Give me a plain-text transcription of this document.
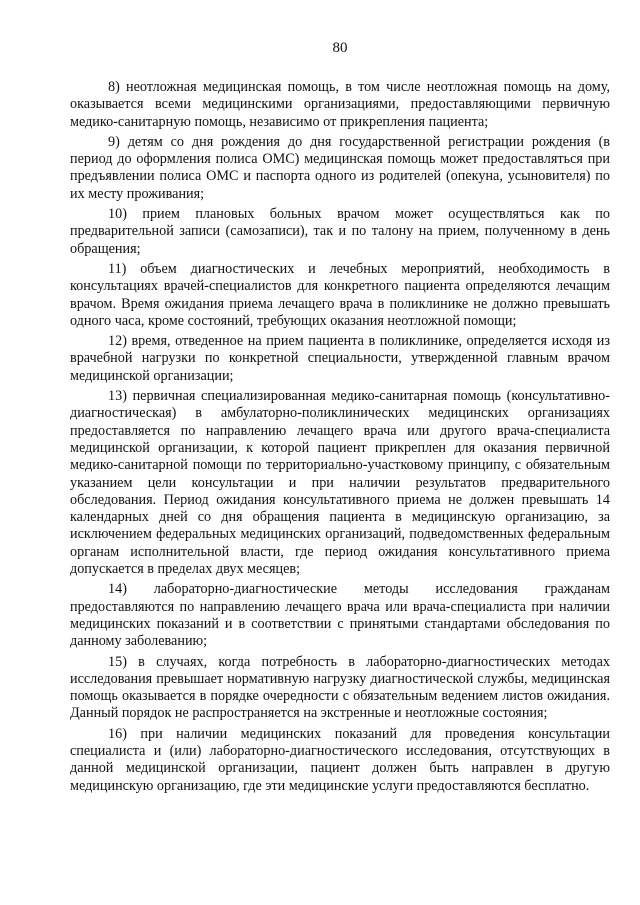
80

8) неотложная медицинская помощь, в том числе неотложная помощь на дому, оказывается всеми медицинскими организациями, предоставляющими первичную медико-санитарную помощь, независимо от прикрепления пациента;

9) детям со дня рождения до дня государственной регистрации рождения (в период до оформления полиса ОМС) медицинская помощь может предоставляться при предъявлении полиса ОМС и паспорта одного из родителей (опекуна, усыновителя) по их месту проживания;

10) прием плановых больных врачом может осуществляться как по предварительной записи (самозаписи), так и по талону на прием, полученному в день обращения;

11) объем диагностических и лечебных мероприятий, необходимость в консультациях врачей-специалистов для конкретного пациента определяются лечащим врачом. Время ожидания приема лечащего врача в поликлинике не должно превышать одного часа, кроме состояний, требующих оказания неотложной помощи;

12) время, отведенное на прием пациента в поликлинике, определяется исходя из врачебной нагрузки по конкретной специальности, утвержденной главным врачом медицинской организации;

13) первичная специализированная медико-санитарная помощь (консультативно-диагностическая) в амбулаторно-поликлинических медицинских организациях предоставляется по направлению лечащего врача или другого врача-специалиста медицинской организации, к которой пациент прикреплен для оказания первичной медико-санитарной помощи по территориально-участковому принципу, с обязательным указанием цели консультации и при наличии результатов предварительного обследования. Период ожидания консультативного приема не должен превышать 14 календарных дней со дня обращения пациента в медицинскую организацию, за исключением федеральных медицинских организаций, подведомственных федеральным органам исполнительной власти, где период ожидания консультативного приема допускается в пределах двух месяцев;

14) лабораторно-диагностические методы исследования гражданам предоставляются по направлению лечащего врача или врача-специалиста при наличии медицинских показаний и в соответствии с принятыми стандартами обследования по данному заболеванию;

15) в случаях, когда потребность в лабораторно-диагностических методах исследования превышает нормативную нагрузку диагностической службы, медицинская помощь оказывается в порядке очередности с обязательным ведением листов ожидания. Данный порядок не распространяется на экстренные и неотложные состояния;

16) при наличии медицинских показаний для проведения консультации специалиста и (или) лабораторно-диагностического исследования, отсутствующих в данной медицинской организации, пациент должен быть направлен в другую медицинскую организацию, где эти медицинские услуги предоставляются бесплатно.
